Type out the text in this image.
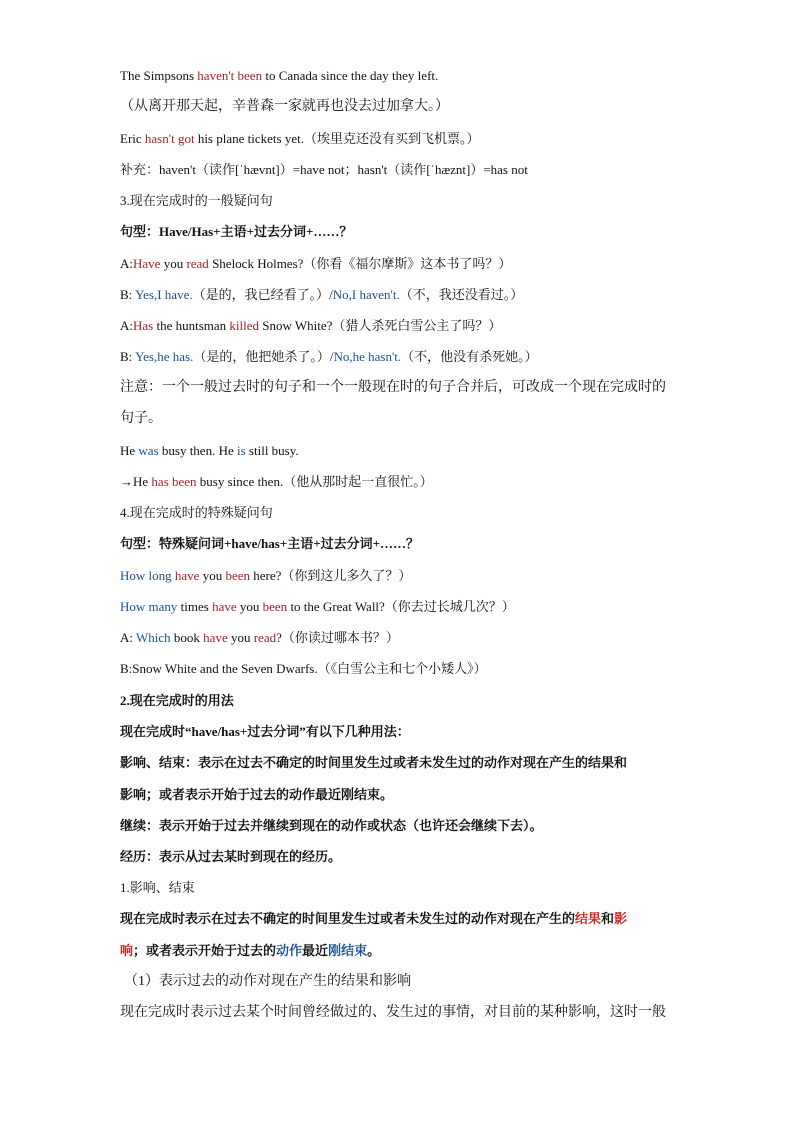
The Simpsons haven't been to Canada since the day they left.
（从离开那天起，辛普森一家就再也没去过加拿大。）
Eric hasn't got his plane tickets yet.（埃里克还没有买到飞机票。）
补充：haven't（读作[ˈhævnt]）=have not；hasn't（读作[ˈhæznt]）=has not
3.现在完成时的一般疑问句
句型：Have/Has+主语+过去分词+……？
A:Have you read Shelock Holmes?（你看《福尔摩斯》这本书了吗？）
B: Yes,I have.（是的，我已经看了。）/No,I haven't.（不，我还没看过。）
A:Has the huntsman killed Snow White?（猎人杀死白雪公主了吗？）
B: Yes,he has.（是的，他把她杀了。）/No,he hasn't.（不，他没有杀死她。）
注意：一个一般过去时的句子和一个一般现在时的句子合并后，可改成一个现在完成时的
句子。
He was busy then. He is still busy.
→He has been busy since then.（他从那时起一直很忙。）
4.现在完成时的特殊疑问句
句型：特殊疑问词+have/has+主语+过去分词+……？
How long have you been here?（你到这儿多久了？）
How many times have you been to the Great Wall?（你去过长城几次？）
A: Which book have you read?（你读过哪本书？）
B:Snow White and the Seven Dwarfs.（《白雪公主和七个小矮人》）
2.现在完成时的用法
现在完成时“have/has+过去分词”有以下几种用法：
影响、结束：表示在过去不确定的时间里发生过或者未发生过的动作对现在产生的结果和
影响；或者表示开始于过去的动作最近刚结束。
继续：表示开始于过去并继续到现在的动作或状态（也许还会继续下去）。
经历：表示从过去某时到现在的经历。
1.影响、结束
现在完成时表示在过去不确定的时间里发生过或者未发生过的动作对现在产生的结果和影
响；或者表示开始于过去的动作最近刚结束。
（1）表示过去的动作对现在产生的结果和影响
现在完成时表示过去某个时间曾经做过的、发生过的事情，对目前的某种影响，这时一般
